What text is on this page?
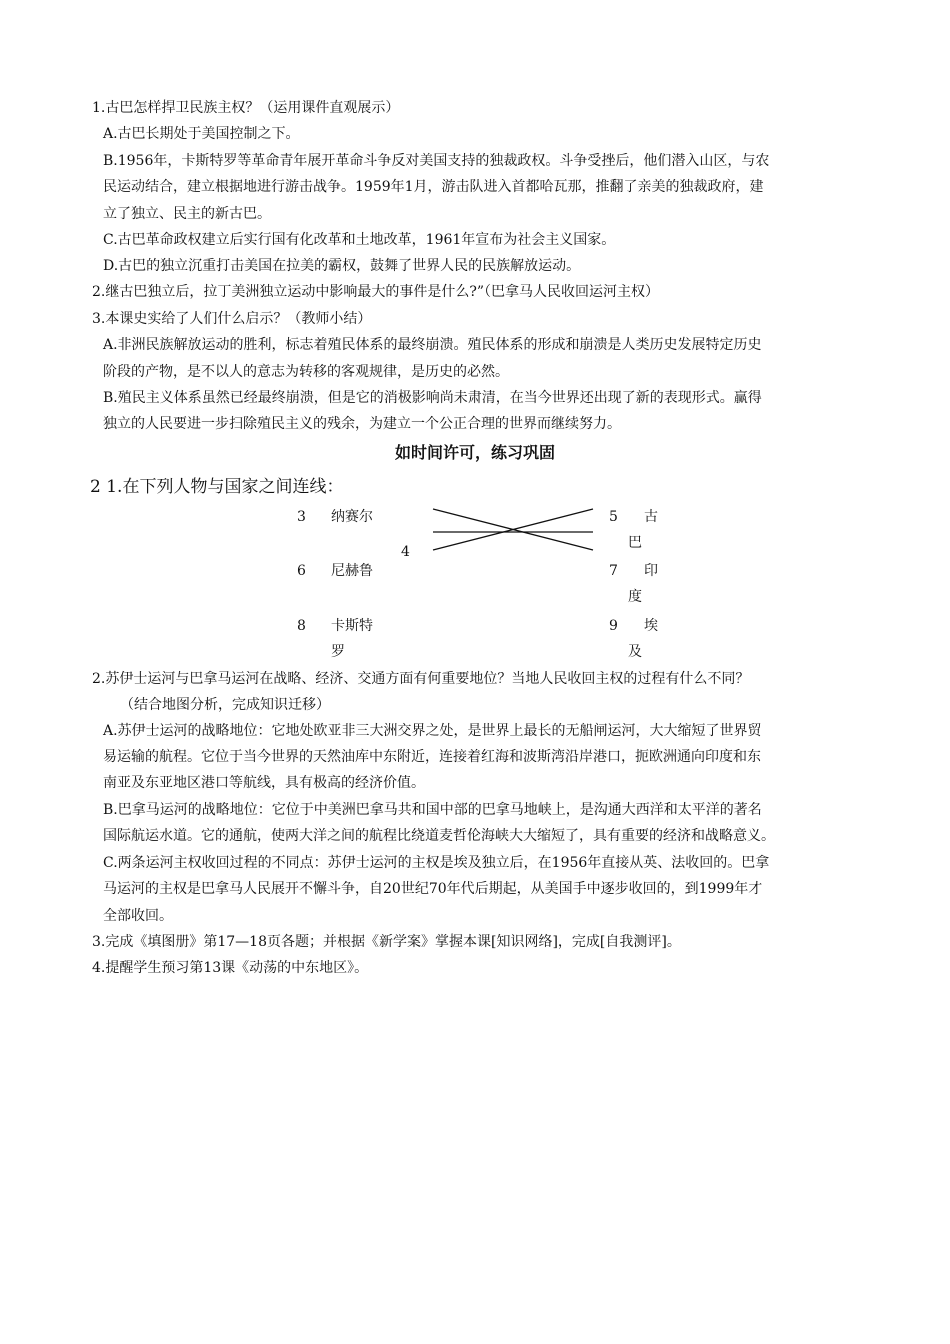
1.古巴怎样捍卫民族主权？（运用课件直观展示）
A.古巴长期处于美国控制之下。
B.1956年，卡斯特罗等革命青年展开革命斗争反对美国支持的独裁政权。斗争受挫后，他们潜入山区，与农
民运动结合，建立根据地进行游击战争。1959年1月，游击队进入首都哈瓦那，推翻了亲美的独裁政府，建
立了独立、民主的新古巴。
C.古巴革命政权建立后实行国有化改革和土地改革，1961年宣布为社会主义国家。
D.古巴的独立沉重打击美国在拉美的霸权，鼓舞了世界人民的民族解放运动。
2.继古巴独立后，拉丁美洲独立运动中影响最大的事件是什么?”（巴拿马人民收回运河主权）
3.本课史实给了人们什么启示？（教师小结）
A.非洲民族解放运动的胜利，标志着殖民体系的最终崩溃。殖民体系的形成和崩溃是人类历史发展特定历史
阶段的产物，是不以人的意志为转移的客观规律，是历史的必然。
B.殖民主义体系虽然已经最终崩溃，但是它的消极影响尚未肃清，在当今世界还出现了新的表现形式。赢得
独立的人民要进一步扫除殖民主义的残余，为建立一个公正合理的世界而继续努力。
如时间许可，练习巩固
2 1.在下列人物与国家之间连线：
3 纳赛尔
4
6 尼赫鲁
8 卡斯特
罗
5 古
巴
7 印
度
9 埃
及
2.苏伊士运河与巴拿马运河在战略、经济、交通方面有何重要地位？当地人民收回主权的过程有什么不同？
（结合地图分析，完成知识迁移）
A.苏伊士运河的战略地位：它地处欧亚非三大洲交界之处，是世界上最长的无船闸运河，大大缩短了世界贸
易运输的航程。它位于当今世界的天然油库中东附近，连接着红海和波斯湾沿岸港口，扼欧洲通向印度和东
南亚及东亚地区港口等航线，具有极高的经济价值。
B.巴拿马运河的战略地位：它位于中美洲巴拿马共和国中部的巴拿马地峡上，是沟通大西洋和太平洋的著名
国际航运水道。它的通航，使两大洋之间的航程比绕道麦哲伦海峡大大缩短了，具有重要的经济和战略意义。
C.两条运河主权收回过程的不同点：苏伊士运河的主权是埃及独立后，在1956年直接从英、法收回的。巴拿
马运河的主权是巴拿马人民展开不懈斗争，自20世纪70年代后期起，从美国手中逐步收回的，到1999年才
全部收回。
3.完成《填图册》第17—18页各题；并根据《新学案》掌握本课[知识网络]，完成[自我测评]。
4.提醒学生预习第13课《动荡的中东地区》。
